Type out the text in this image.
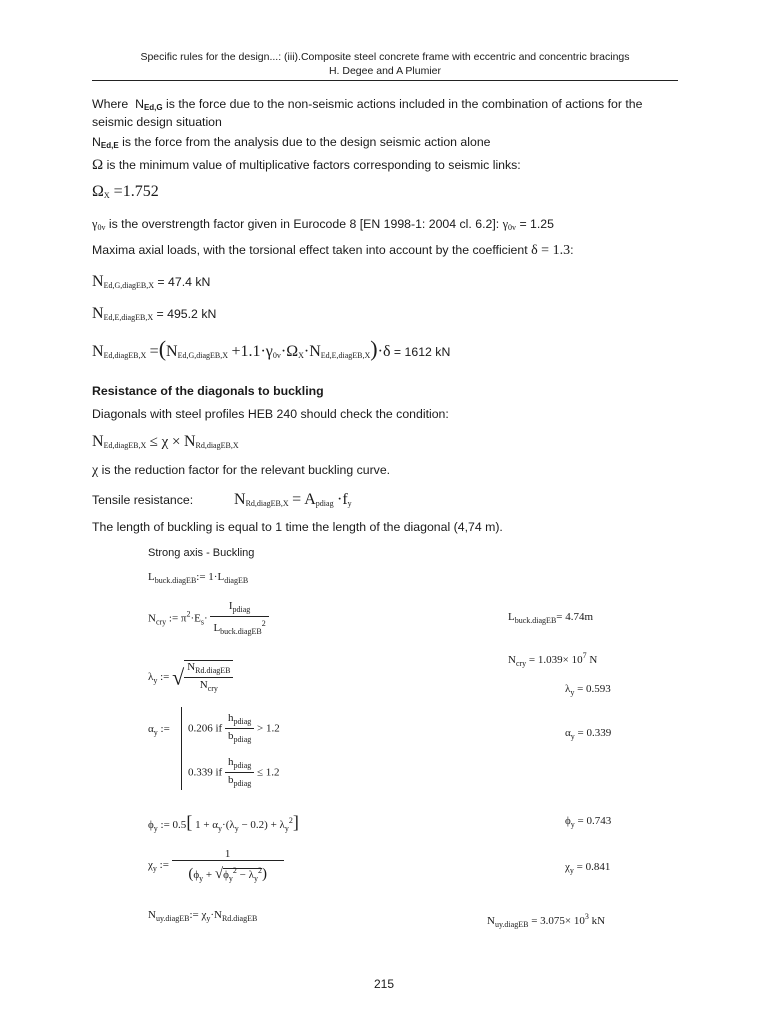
Specific rules for the design...: (iii).Composite steel concrete frame with eccentric and concentric bracings
H. Degee and A Plumier
Where NEd,G is the force due to the non-seismic actions included in the combination of actions for the seismic design situation
NEd,E is the force from the analysis due to the design seismic action alone
Ω is the minimum value of multiplicative factors corresponding to seismic links:
$\Omega_X =1.752$
$\gamma_{0v}$ is the overstrength factor given in Eurocode 8 [EN 1998-1: 2004 cl. 6.2]: $\gamma_{0v} = 1.25$
Maxima axial loads, with the torsional effect taken into account by the coefficient δ = 1.3:
$N_{Ed,G,diagEB,X} = 47.4$ kN
$N_{Ed,E,diagEB,X} = 495.2$ kN
$N_{Ed,diagEB,X} =(N_{Ed,G,diagEB,X} +1.1\cdot\gamma_{0v}\cdot\Omega_X\cdot N_{Ed,E,diagEB,X})\cdot\delta = 1612$ kN
Resistance of the diagonals to buckling
Diagonals with steel profiles HEB 240 should check the condition:
$N_{Ed,diagEB,X} \le \chi \times N_{Rd,diagEB,X}$
χ is the reduction factor for the relevant buckling curve.
Tensile resistance:	$N_{Rd,diagEB,X} = A_{pdiag} \cdot f_y$
The length of buckling is equal to 1 time the length of the diagonal (4,74 m).
Strong axis - Buckling
$L_{buck.diagEB}:= 1\cdot L_{diagEB}$
$N_{cry}$ := $\pi^2\cdot E_s\cdot \frac{I_{pdiag}}{L_{buck.diagEB}^2}$
$\lambda_y$ := √ $\frac{N_{Rd.diagEB}}{N_{cry}}$
$\alpha_y$ := 0.206 if $\frac{h_{pdiag}}{b_{pdiag}} > 1.2$
0.339 if $\frac{h_{pdiag}}{b_{pdiag}} \le 1.2$
$\phi_y$ := 0.5[ $1 + \alpha_y\cdot(\lambda_y - 0.2) + \lambda_y^2$]
$\chi_y$ := $\frac{1}{(\phi_y + √\phi_y^2 - \lambda_y^2)}$
$N_{uy.diagEB}:= \chi_y\cdot N_{Rd.diagEB}$
$L_{buck.diagEB}= 4.74m$
$N_{cry} = 1.039\times 10^7$ N
$\lambda_y = 0.593$
$\alpha_y = 0.339$
$\phi_y = 0.743$
$\chi_y = 0.841$
$N_{uy.diagEB} = 3.075\times 10^3$ kN
215
